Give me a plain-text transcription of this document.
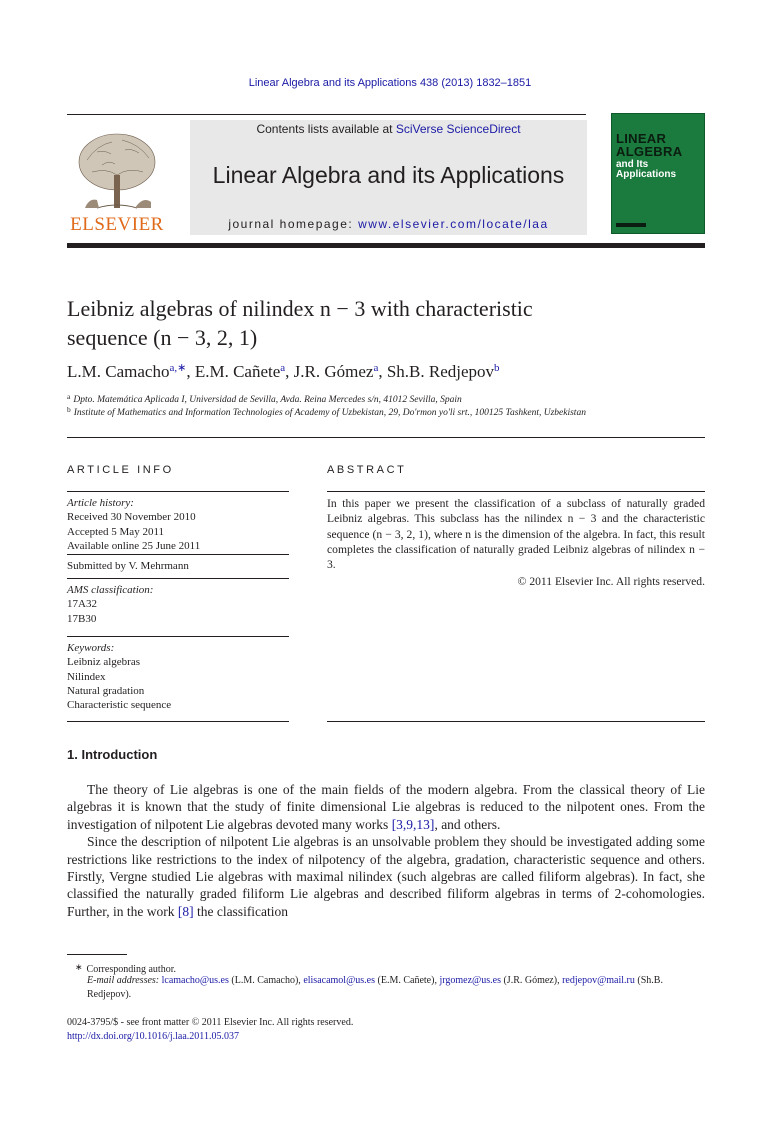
Linear Algebra and its Applications 438 (2013) 1832–1851
ELSEVIER
Contents lists available at SciVerse ScienceDirect
Linear Algebra and its Applications
journal homepage: www.elsevier.com/locate/laa
LINEAR
ALGEBRA
and Its
Applications
Leibniz algebras of nilindex n − 3 with characteristic
sequence (n − 3, 2, 1)
L.M. Camacho$^{a,∗}$, E.M. Cañete$^a$, J.R. Gómez$^a$, Sh.B. Redjepov$^b$
$^a$ Dpto. Matemática Aplicada I, Universidad de Sevilla, Avda. Reina Mercedes s/n, 41012 Sevilla, Spain
$^b$ Institute of Mathematics and Information Technologies of Academy of Uzbekistan, 29, Do'rmon yo'li srt., 100125 Tashkent, Uzbekistan
ARTICLE INFO	ABSTRACT
Article history:
Received 30 November 2010
Accepted 5 May 2011
Available online 25 June 2011
Submitted by V. Mehrmann
AMS classification:
17A32
17B30
Keywords:
Leibniz algebras
Nilindex
Natural gradation
Characteristic sequence
In this paper we present the classification of a subclass of naturally graded Leibniz algebras. This subclass has the nilindex n − 3 and the characteristic sequence (n − 3, 2, 1), where n is the dimension of the algebra. In fact, this result completes the classification of naturally graded Leibniz algebras of nilindex n − 3.
© 2011 Elsevier Inc. All rights reserved.
1. Introduction

The theory of Lie algebras is one of the main fields of the modern algebra. From the classical theory of Lie algebras it is known that the study of finite dimensional Lie algebras is reduced to the nilpotent ones. From the investigation of nilpotent Lie algebras devoted many works [3,9,13], and others.

Since the description of nilpotent Lie algebras is an unsolvable problem they should be investigated adding some restrictions like restrictions to the index of nilpotency of the algebra, gradation, characteristic sequence and others. Firstly, Vergne studied Lie algebras with maximal nilindex (such algebras are called filiform algebras). In fact, she classified the naturally graded filiform Lie algebras and described filiform algebras in terms of 2-cohomologies. Further, in the work [8] the classification

∗ Corresponding author.
E-mail addresses: lcamacho@us.es (L.M. Camacho), elisacamol@us.es (E.M. Cañete), jrgomez@us.es (J.R. Gómez), redjepov@mail.ru (Sh.B. Redjepov).
0024-3795/$ - see front matter © 2011 Elsevier Inc. All rights reserved.
http://dx.doi.org/10.1016/j.laa.2011.05.037
